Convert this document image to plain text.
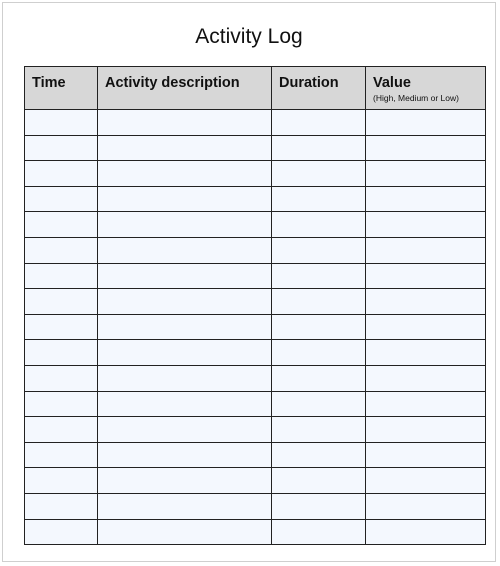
Activity Log
Time	Activity description	Duration	Value
(High, Medium or Low)
